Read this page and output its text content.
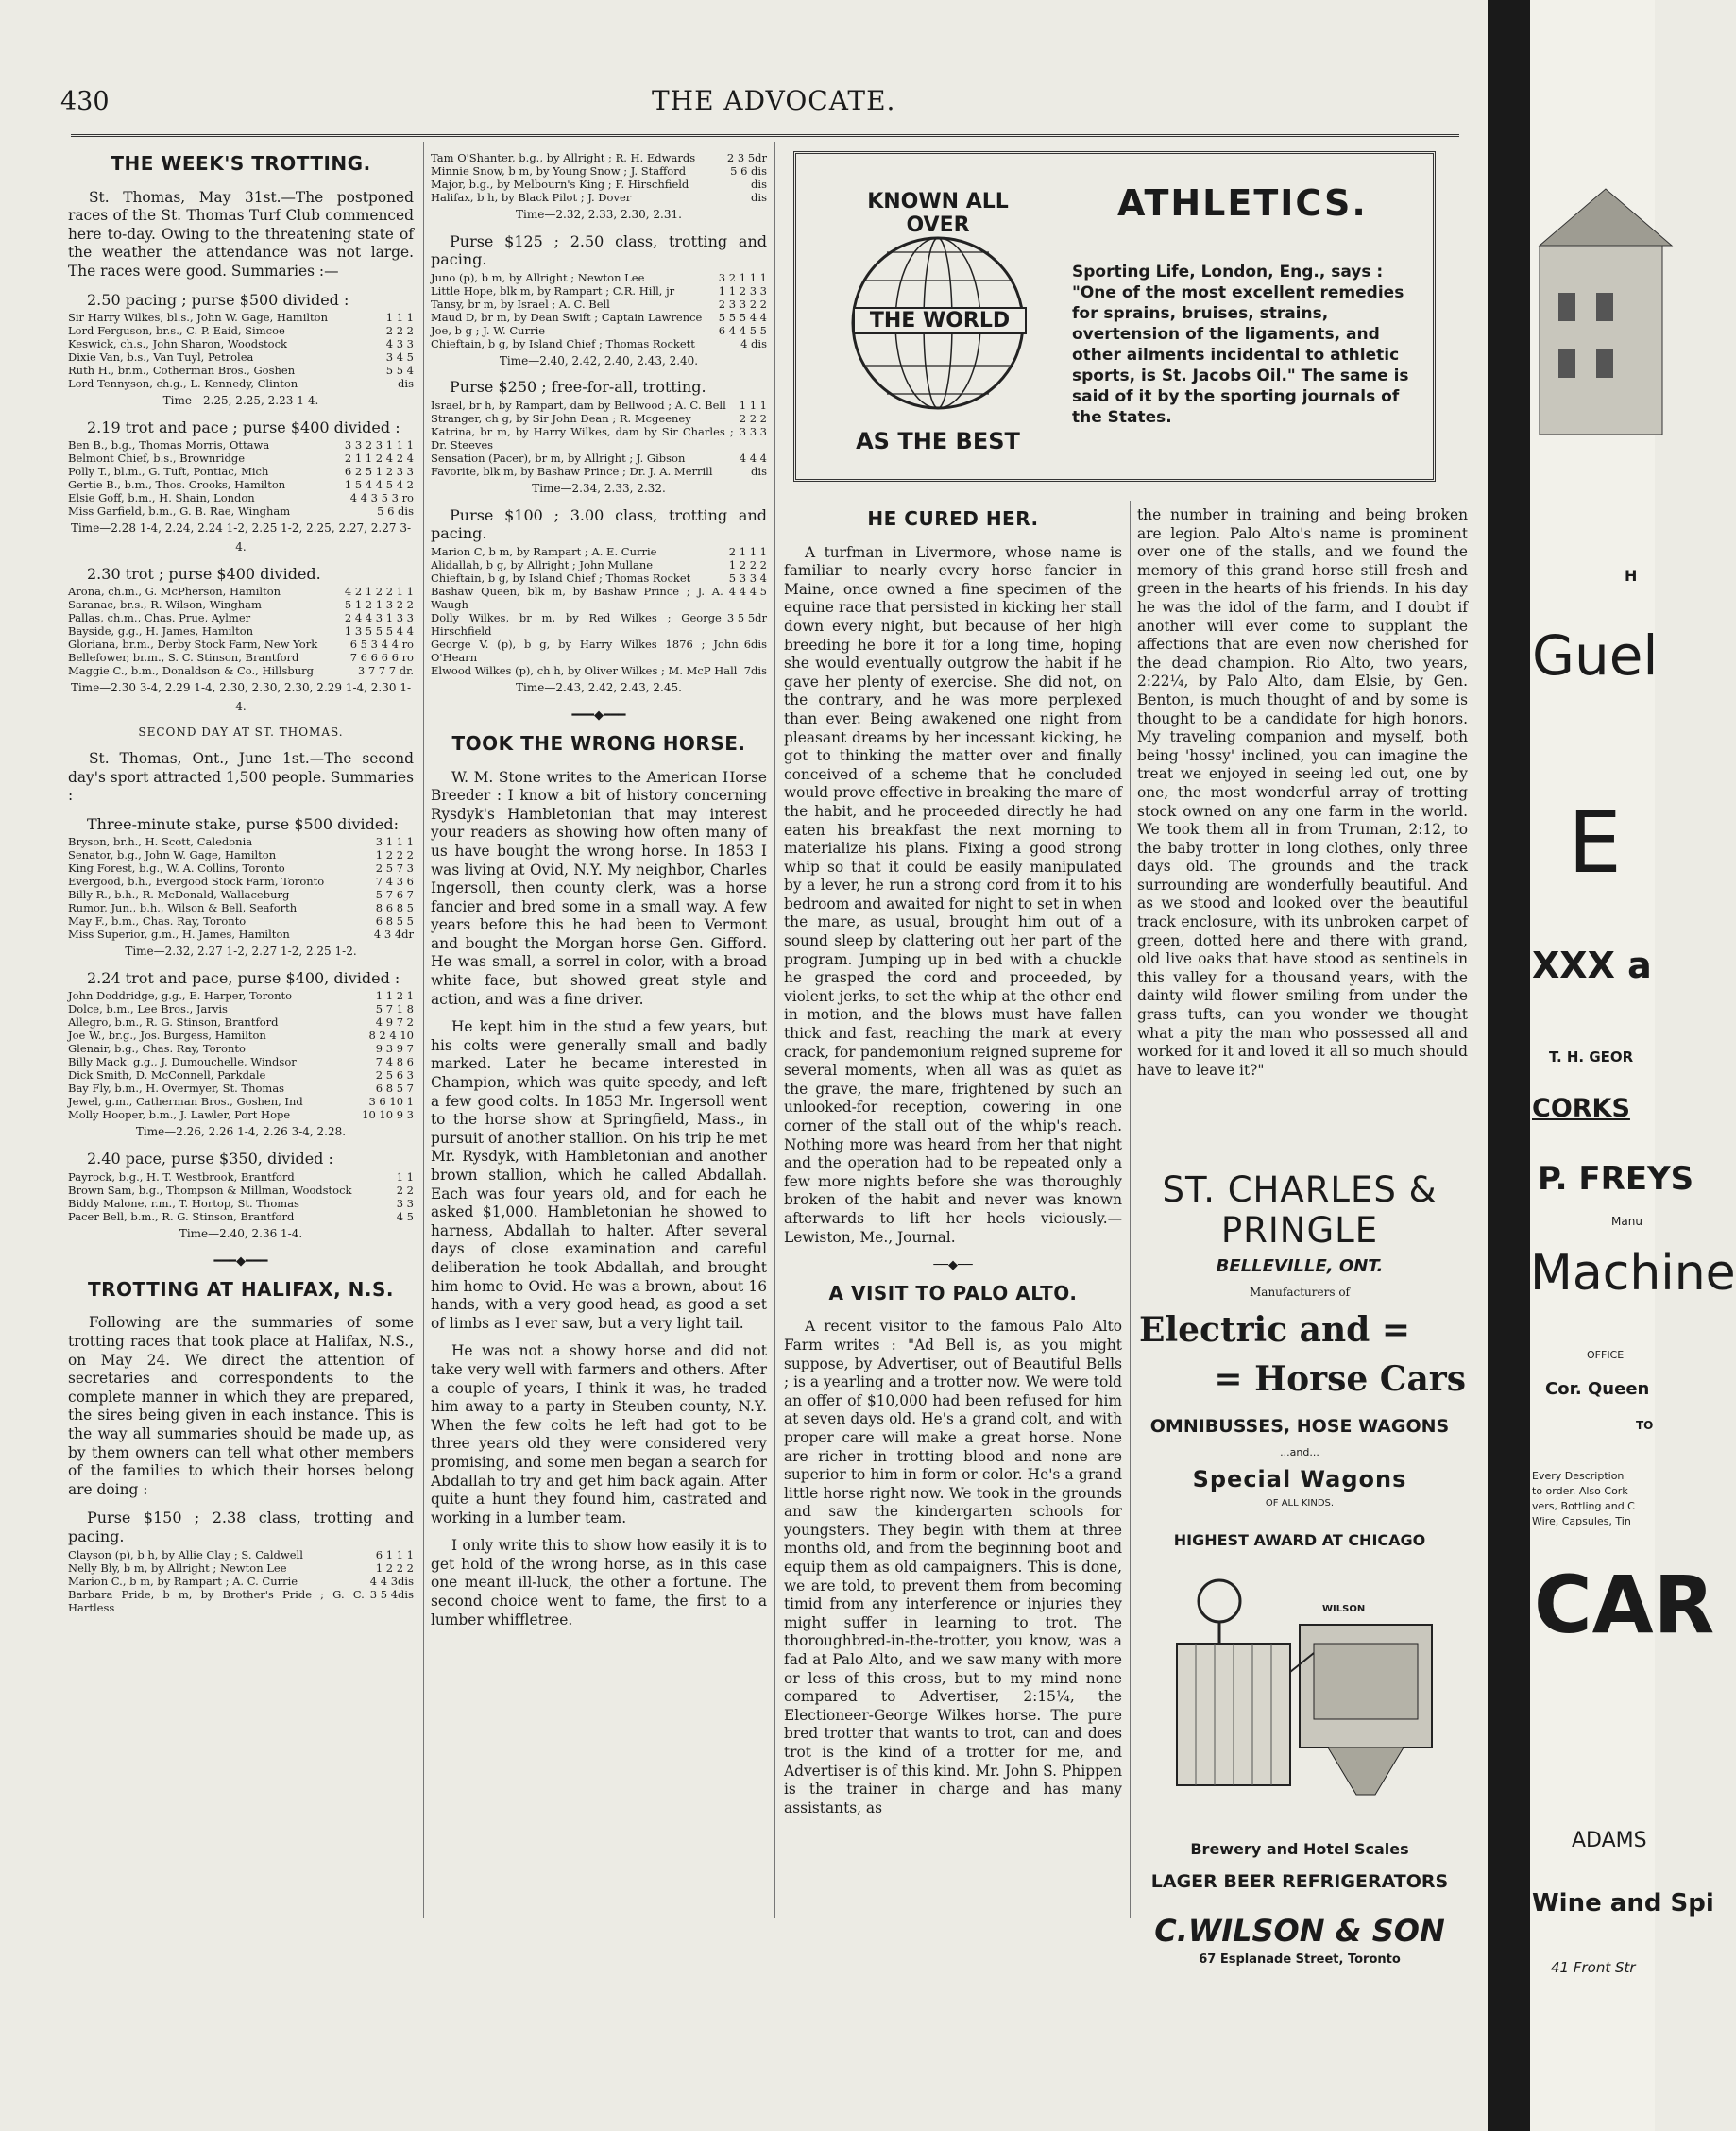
430	THE ADVOCATE.
THE WEEK'S TROTTING.

St. Thomas, May 31st.—The postponed races of the St. Thomas Turf Club commenced here to-day. Owing to the threatening state of the weather the attendance was not large. The races were good. Summaries :—

2.50 pacing ; purse $500 divided :
Sir Harry Wilkes, bl.s., John W. Gage, Hamilton	1 1 1
Lord Ferguson, br.s., C. P. Eaid, Simcoe	2 2 2
Keswick, ch.s., John Sharon, Woodstock	4 3 3
Dixie Van, b.s., Van Tuyl, Petrolea	3 4 5
Ruth H., br.m., Cotherman Bros., Goshen	5 5 4
Lord Tennyson, ch.g., L. Kennedy, Clinton	dis
Time—2.25, 2.25, 2.23 1-4.
2.19 trot and pace ; purse $400 divided :
Ben B., b.g., Thomas Morris, Ottawa	3 3 2 3 1 1 1
Belmont Chief, b.s., Brownridge	2 1 1 2 4 2 4
Polly T., bl.m., G. Tuft, Pontiac, Mich	6 2 5 1 2 3 3
Gertie B., b.m., Thos. Crooks, Hamilton	1 5 4 4 5 4 2
Elsie Goff, b.m., H. Shain, London	4 4 3 5 3 ro
Miss Garfield, b.m., G. B. Rae, Wingham	5 6 dis
Time—2.28 1-4, 2.24, 2.24 1-2, 2.25 1-2, 2.25, 2.27, 2.27 3-4.
2.30 trot ; purse $400 divided.
Arona, ch.m., G. McPherson, Hamilton	4 2 1 2 2 1 1
Saranac, br.s., R. Wilson, Wingham	5 1 2 1 3 2 2
Pallas, ch.m., Chas. Prue, Aylmer	2 4 4 3 1 3 3
Bayside, g.g., H. James, Hamilton	1 3 5 5 5 4 4
Gloriana, br.m., Derby Stock Farm, New York	6 5 3 4 4 ro
Bellefower, br.m., S. C. Stinson, Brantford	7 6 6 6 6 ro
Maggie C., b.m., Donaldson & Co., Hillsburg	3 7 7 7 dr.
Time—2.30 3-4, 2.29 1-4, 2.30, 2.30, 2.30, 2.29 1-4, 2.30 1-4.
SECOND DAY AT ST. THOMAS.

St. Thomas, Ont., June 1st.—The second day's sport attracted 1,500 people. Summaries :

Three-minute stake, purse $500 divided:
Bryson, br.h., H. Scott, Caledonia	3 1 1 1
Senator, b.g., John W. Gage, Hamilton	1 2 2 2
King Forest, b.g., W. A. Collins, Toronto	2 5 7 3
Evergood, b.h., Evergood Stock Farm, Toronto	7 4 3 6
Billy R., b.h., R. McDonald, Wallaceburg	5 7 6 7
Rumor, Jun., b.h., Wilson & Bell, Seaforth	8 6 8 5
May F., b.m., Chas. Ray, Toronto	6 8 5 5
Miss Superior, g.m., H. James, Hamilton	4 3 4dr
Time—2.32, 2.27 1-2, 2.27 1-2, 2.25 1-2.
2.24 trot and pace, purse $400, divided :
John Doddridge, g.g., E. Harper, Toronto	1 1 2 1
Dolce, b.m., Lee Bros., Jarvis	5 7 1 8
Allegro, b.m., R. G. Stinson, Brantford	4 9 7 2
Joe W., br.g., Jos. Burgess, Hamilton	8 2 4 10
Glenair, b.g., Chas. Ray, Toronto	9 3 9 7
Billy Mack, g.g., J. Dumouchelle, Windsor	7 4 8 6
Dick Smith, D. McConnell, Parkdale	2 5 6 3
Bay Fly, b.m., H. Overmyer, St. Thomas	6 8 5 7
Jewel, g.m., Catherman Bros., Goshen, Ind	3 6 10 1
Molly Hooper, b.m., J. Lawler, Port Hope	10 10 9 3
Time—2.26, 2.26 1-4, 2.26 3-4, 2.28.
2.40 pace, purse $350, divided :
Payrock, b.g., H. T. Westbrook, Brantford	1 1
Brown Sam, b.g., Thompson & Millman, Woodstock	2 2
Biddy Malone, r.m., T. Hortop, St. Thomas	3 3
Pacer Bell, b.m., R. G. Stinson, Brantford	4 5
Time—2.40, 2.36 1-4.
━━━◆━━━
TROTTING AT HALIFAX, N.S.

Following are the summaries of some trotting races that took place at Halifax, N.S., on May 24. We direct the attention of secretaries and correspondents to the complete manner in which they are prepared, the sires being given in each instance. This is the way all summaries should be made up, as by them owners can tell what other members of the families to which their horses belong are doing :

Purse $150 ; 2.38 class, trotting and pacing.
Clayson (p), b h, by Allie Clay ; S. Caldwell	6 1 1 1
Nelly Bly, b m, by Allright ; Newton Lee	1 2 2 2
Marion C., b m, by Rampart ; A. C. Currie	4 4 3dis
Barbara Pride, b m, by Brother's Pride ; G. C. Hartless
3 5 4dis
Tam O'Shanter, b.g., by Allright ; R. H. Edwards	2 3 5dr
Minnie Snow, b m, by Young Snow ; J. Stafford	5 6 dis
Major, b.g., by Melbourn's King ; F. Hirschfield	dis
Halifax, b h, by Black Pilot ; J. Dover	dis
Time—2.32, 2.33, 2.30, 2.31.
Purse $125 ; 2.50 class, trotting and pacing.
Juno (p), b m, by Allright ; Newton Lee	3 2 1 1 1
Little Hope, blk m, by Rampart ; C.R. Hill, jr	1 1 2 3 3
Tansy, br m, by Israel ; A. C. Bell	2 3 3 2 2
Maud D, br m, by Dean Swift ; Captain Lawrence	5 5 5 4 4
Joe, b g ; J. W. Currie	6 4 4 5 5
Chieftain, b g, by Island Chief ; Thomas Rockett	4 dis
Time—2.40, 2.42, 2.40, 2.43, 2.40.
Purse $250 ; free-for-all, trotting.
Israel, br h, by Rampart, dam by Bellwood ; A. C. Bell	1 1 1
Stranger, ch g, by Sir John Dean ; R. Mcgeeney	2 2 2
Katrina, br m, by Harry Wilkes, dam by Sir Charles ; Dr. Steeves
3 3 3
Sensation (Pacer), br m, by Allright ; J. Gibson	4 4 4
Favorite, blk m, by Bashaw Prince ; Dr. J. A. Merrill	dis
Time—2.34, 2.33, 2.32.
Purse $100 ; 3.00 class, trotting and pacing.
Marion C, b m, by Rampart ; A. E. Currie	2 1 1 1
Alidallah, b g, by Allright ; John Mullane	1 2 2 2
Chieftain, b g, by Island Chief ; Thomas Rocket	5 3 3 4
Bashaw Queen, blk m, by Bashaw Prince ; J. A. Waugh
4 4 4 5
Dolly Wilkes, br m, by Red Wilkes ; George Hirschfield
3 5 5dr
George V. (p), b g, by Harry Wilkes 1876 ; John O'Hearn
6dis
Elwood Wilkes (p), ch h, by Oliver Wilkes ; M. McP Hall 7dis
Time—2.43, 2.42, 2.43, 2.45.
━━━◆━━━
TOOK THE WRONG HORSE.

W. M. Stone writes to the American Horse Breeder : I know a bit of history concerning Rysdyk's Hambletonian that may interest your readers as showing how often many of us have bought the wrong horse. In 1853 I was living at Ovid, N.Y. My neighbor, Charles Ingersoll, then county clerk, was a horse fancier and bred some in a small way. A few years before this he had been to Vermont and bought the Morgan horse Gen. Gifford. He was small, a sorrel in color, with a broad white face, but showed great style and action, and was a fine driver.

He kept him in the stud a few years, but his colts were generally small and badly marked. Later he became interested in Champion, which was quite speedy, and left a few good colts. In 1853 Mr. Ingersoll went to the horse show at Springfield, Mass., in pursuit of another stallion. On his trip he met Mr. Rysdyk, with Hambletonian and another brown stallion, which he called Abdallah. Each was four years old, and for each he asked $1,000. Hambletonian he showed to harness, Abdallah to halter. After several days of close examination and careful deliberation he took Abdallah, and brought him home to Ovid. He was a brown, about 16 hands, with a very good head, as good a set of limbs as I ever saw, but a very light tail.

He was not a showy horse and did not take very well with farmers and others. After a couple of years, I think it was, he traded him away to a party in Steuben county, N.Y. When the few colts he left had got to be three years old they were considered very promising, and some men began a search for Abdallah to try and get him back again. After quite a hunt they found him, castrated and working in a lumber team.

I only write this to show how easily it is to get hold of the wrong horse, as in this case one meant ill-luck, the other a fortune. The second choice went to fame, the first to a lumber whiffletree.

KNOWN ALL OVER
THE WORLD
AS THE BEST
ATHLETICS.
Sporting Life, London, Eng., says : "One of the most excellent remedies for sprains, bruises, strains, overtension of the ligaments, and other ailments incidental to athletic sports, is St. Jacobs Oil." The same is said of it by the sporting journals of the States.
HE CURED HER.

A turfman in Livermore, whose name is familiar to nearly every horse fancier in Maine, once owned a fine specimen of the equine race that persisted in kicking her stall down every night, but because of her high breeding he bore it for a long time, hoping she would eventually outgrow the habit if he gave her plenty of exercise. She did not, on the contrary, and he was more perplexed than ever. Being awakened one night from pleasant dreams by her incessant kicking, he got to thinking the matter over and finally conceived of a scheme that he concluded would prove effective in breaking the mare of the habit, and he proceeded directly he had eaten his breakfast the next morning to materialize his plans. Fixing a good strong whip so that it could be easily manipulated by a lever, he run a strong cord from it to his bedroom and awaited for night to set in when the mare, as usual, brought him out of a sound sleep by clattering out her part of the program. Jumping up in bed with a chuckle he grasped the cord and proceeded, by violent jerks, to set the whip at the other end in motion, and the blows must have fallen thick and fast, reaching the mark at every crack, for pandemonium reigned supreme for several moments, when all was as quiet as the grave, the mare, frightened by such an unlooked-for reception, cowering in one corner of the stall out of the whip's reach. Nothing more was heard from her that night and the operation had to be repeated only a few more nights before she was thoroughly broken of the habit and never was known afterwards to lift her heels viciously.—Lewiston, Me., Journal.

──◆──
A VISIT TO PALO ALTO.

A recent visitor to the famous Palo Alto Farm writes : "Ad Bell is, as you might suppose, by Advertiser, out of Beautiful Bells ; is a yearling and a trotter now. We were told an offer of $10,000 had been refused for him at seven days old. He's a grand colt, and with proper care will make a great horse. None are richer in trotting blood and none are superior to him in form or color. He's a grand little horse right now. We took in the grounds and saw the kindergarten schools for youngsters. They begin with them at three months old, and from the beginning boot and equip them as old campaigners. This is done, we are told, to prevent them from becoming timid from any interference or injuries they might suffer in learning to trot. The thoroughbred-in-the-trotter, you know, was a fad at Palo Alto, and we saw many with more or less of this cross, but to my mind none compared to Advertiser, 2:15¼, the Electioneer-George Wilkes horse. The pure bred trotter that wants to trot, can and does trot is the kind of a trotter for me, and Advertiser is of this kind. Mr. John S. Phippen is the trainer in charge and has many assistants, as

the number in training and being broken are legion. Palo Alto's name is prominent over one of the stalls, and we found the memory of this grand horse still fresh and green in the hearts of his friends. In his day he was the idol of the farm, and I doubt if another will ever come to supplant the affections that are even now cherished for the dead champion. Rio Alto, two years, 2:22¼, by Palo Alto, dam Elsie, by Gen. Benton, is much thought of and by some is thought to be a candidate for high honors. My traveling companion and myself, both being 'hossy' inclined, you can imagine the treat we enjoyed in seeing led out, one by one, the most wonderful array of trotting stock owned on any one farm in the world. We took them all in from Truman, 2:12, to the baby trotter in long clothes, only three days old. The grounds and the track surrounding are wonderfully beautiful. And as we stood and looked over the beautiful track enclosure, with its unbroken carpet of green, dotted here and there with grand, old live oaks that have stood as sentinels in this valley for a thousand years, with the dainty wild flower smiling from under the grass tufts, can you wonder we thought what a pity the man who possessed all and worked for it and loved it all so much should have to leave it?"

ST. CHARLES & PRINGLE
BELLEVILLE, ONT.
Manufacturers of
Electric and =
= Horse Cars
OMNIBUSSES, HOSE WAGONS
...and...
Special Wagons
OF ALL KINDS.
HIGHEST AWARD AT CHICAGO
WILSON
Brewery and Hotel Scales
LAGER BEER REFRIGERATORS
C.WILSON & SON
67 Esplanade Street, Toronto
H
Guel
E
XXX a
T. H. GEOR
CORKS
P. FREYS
Manu
Machine
OFFICE
Cor. Queen
TO
Every Description
to order. Also Cork
vers, Bottling and C
Wire, Capsules, Tin
CAR
ADAMS
Wine and Spi
41 Front Str
